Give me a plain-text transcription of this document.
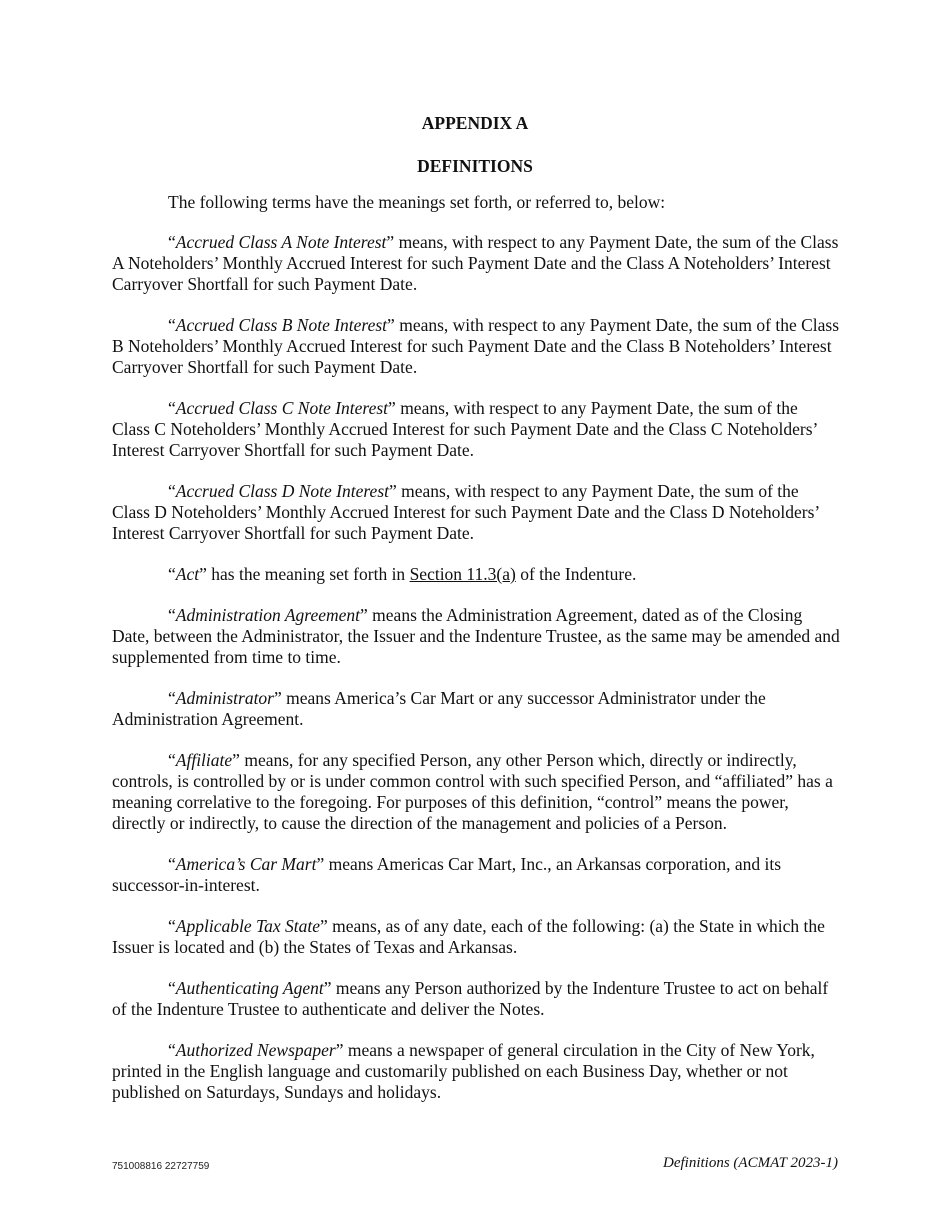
APPENDIX A
DEFINITIONS
The following terms have the meanings set forth, or referred to, below:

“Accrued Class A Note Interest” means, with respect to any Payment Date, the sum of the Class A Noteholders’ Monthly Accrued Interest for such Payment Date and the Class A Noteholders’ Interest Carryover Shortfall for such Payment Date.

“Accrued Class B Note Interest” means, with respect to any Payment Date, the sum of the Class B Noteholders’ Monthly Accrued Interest for such Payment Date and the Class B Noteholders’ Interest Carryover Shortfall for such Payment Date.

“Accrued Class C Note Interest” means, with respect to any Payment Date, the sum of the Class C Noteholders’ Monthly Accrued Interest for such Payment Date and the Class C Noteholders’ Interest Carryover Shortfall for such Payment Date.

“Accrued Class D Note Interest” means, with respect to any Payment Date, the sum of the Class D Noteholders’ Monthly Accrued Interest for such Payment Date and the Class D Noteholders’ Interest Carryover Shortfall for such Payment Date.

“Act” has the meaning set forth in Section 11.3(a) of the Indenture.

“Administration Agreement” means the Administration Agreement, dated as of the Closing Date, between the Administrator, the Issuer and the Indenture Trustee, as the same may be amended and supplemented from time to time.

“Administrator” means America’s Car Mart or any successor Administrator under the Administration Agreement.

“Affiliate” means, for any specified Person, any other Person which, directly or indirectly, controls, is controlled by or is under common control with such specified Person, and “affiliated” has a meaning correlative to the foregoing. For purposes of this definition, “control” means the power, directly or indirectly, to cause the direction of the management and policies of a Person.

“America’s Car Mart” means Americas Car Mart, Inc., an Arkansas corporation, and its successor-in-interest.

“Applicable Tax State” means, as of any date, each of the following: (a) the State in which the Issuer is located and (b) the States of Texas and Arkansas.

“Authenticating Agent” means any Person authorized by the Indenture Trustee to act on behalf of the Indenture Trustee to authenticate and deliver the Notes.

“Authorized Newspaper” means a newspaper of general circulation in the City of New York, printed in the English language and customarily published on each Business Day, whether or not published on Saturdays, Sundays and holidays.

751008816 22727759	Definitions (ACMAT 2023-1)
